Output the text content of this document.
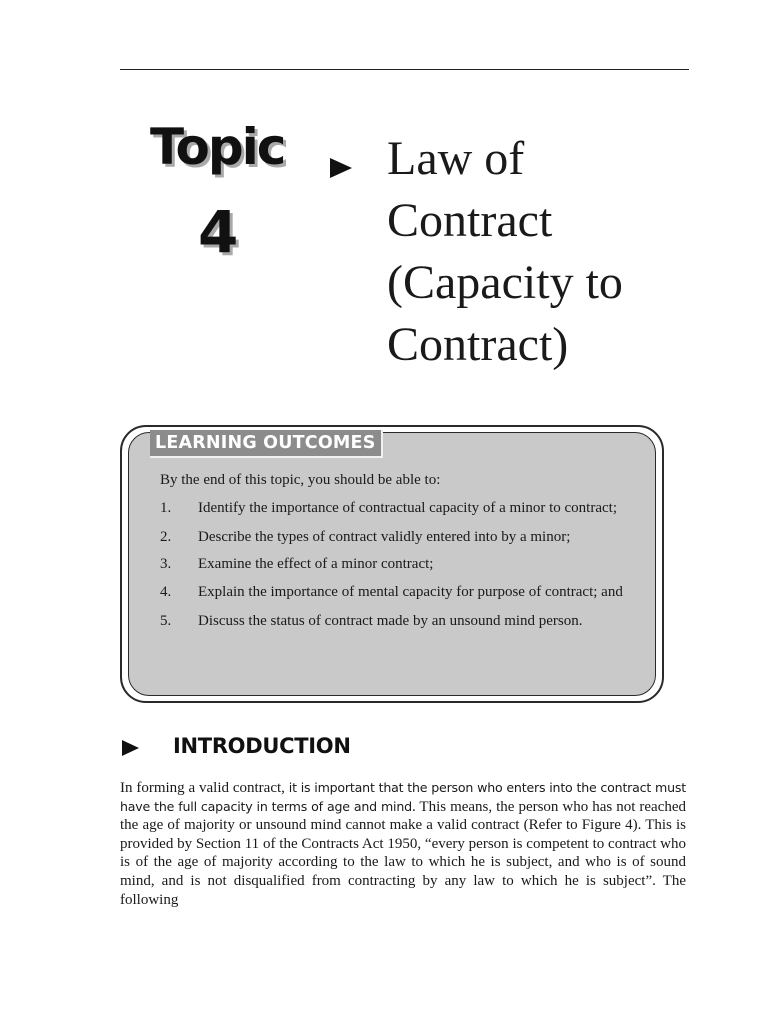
Topic
4
Law of
Contract
(Capacity to
Contract)
LEARNING OUTCOMES
By the end of this topic, you should be able to:
1. Identify the importance of contractual capacity of a minor to contract;
2. Describe the types of contract validly entered into by a minor;
3. Examine the effect of a minor contract;
4. Explain the importance of mental capacity for purpose of contract; and
5. Discuss the status of contract made by an unsound mind person.
INTRODUCTION

In forming a valid contract, it is important that the person who enters into the contract must have the full capacity in terms of age and mind. This means, the person who has not reached the age of majority or unsound mind cannot make a valid contract (Refer to Figure 4). This is provided by Section 11 of the Contracts Act 1950, “every person is competent to contract who is of the age of majority according to the law to which he is subject, and who is of sound mind, and is not disqualified from contracting by any law to which he is subject”. The following
